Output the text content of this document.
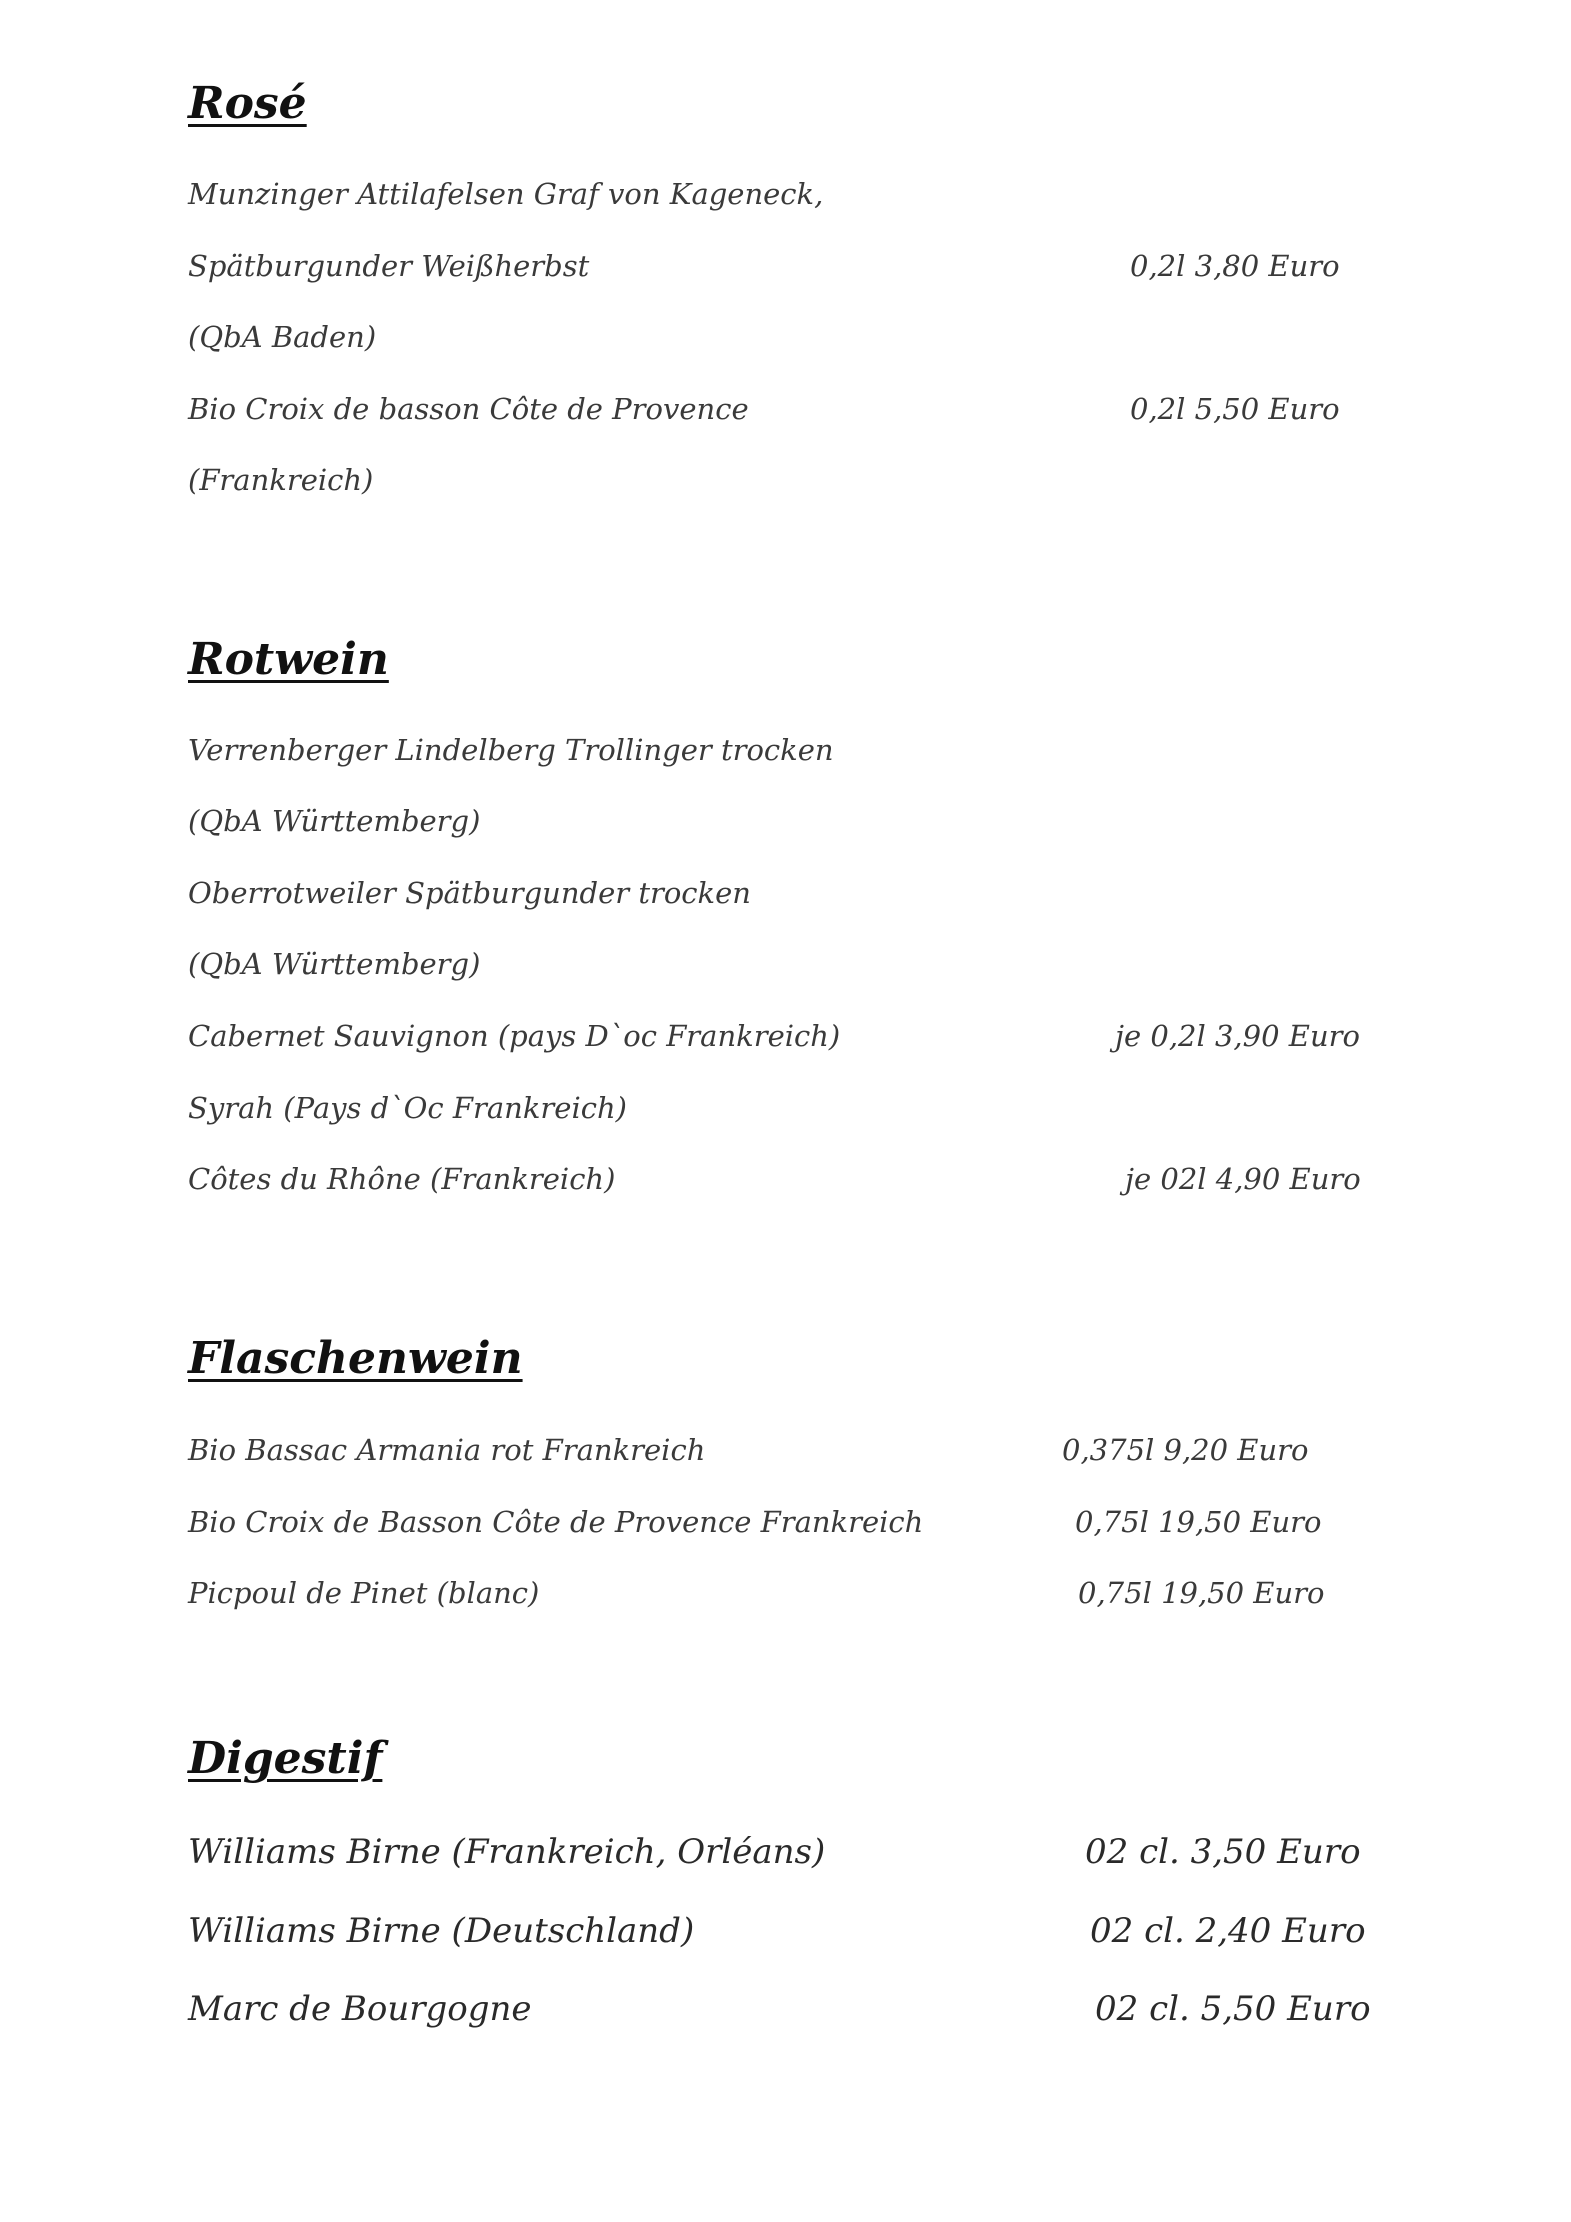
Rosé
Munzinger Attilafelsen Graf von Kageneck,
Spätburgunder Weißherbst	0,2l 3,80 Euro
(QbA Baden)
Bio Croix de basson Côte de Provence	0,2l 5,50 Euro
(Frankreich)
Rotwein
Verrenberger Lindelberg Trollinger trocken
(QbA Württemberg)
Oberrotweiler Spätburgunder trocken
(QbA Württemberg)
Cabernet Sauvignon (pays D`oc Frankreich)	je 0,2l 3,90 Euro
Syrah (Pays d`Oc Frankreich)
Côtes du Rhône (Frankreich)	je 02l 4,90 Euro
Flaschenwein
Bio Bassac Armania rot Frankreich	0,375l 9,20 Euro
Bio Croix de Basson Côte de Provence Frankreich	0,75l 19,50 Euro
Picpoul de Pinet (blanc)	0,75l 19,50 Euro
Digestif
Williams Birne (Frankreich, Orléans)	02 cl. 3,50 Euro
Williams Birne (Deutschland)	02 cl. 2,40 Euro
Marc de Bourgogne	02 cl. 5,50 Euro
